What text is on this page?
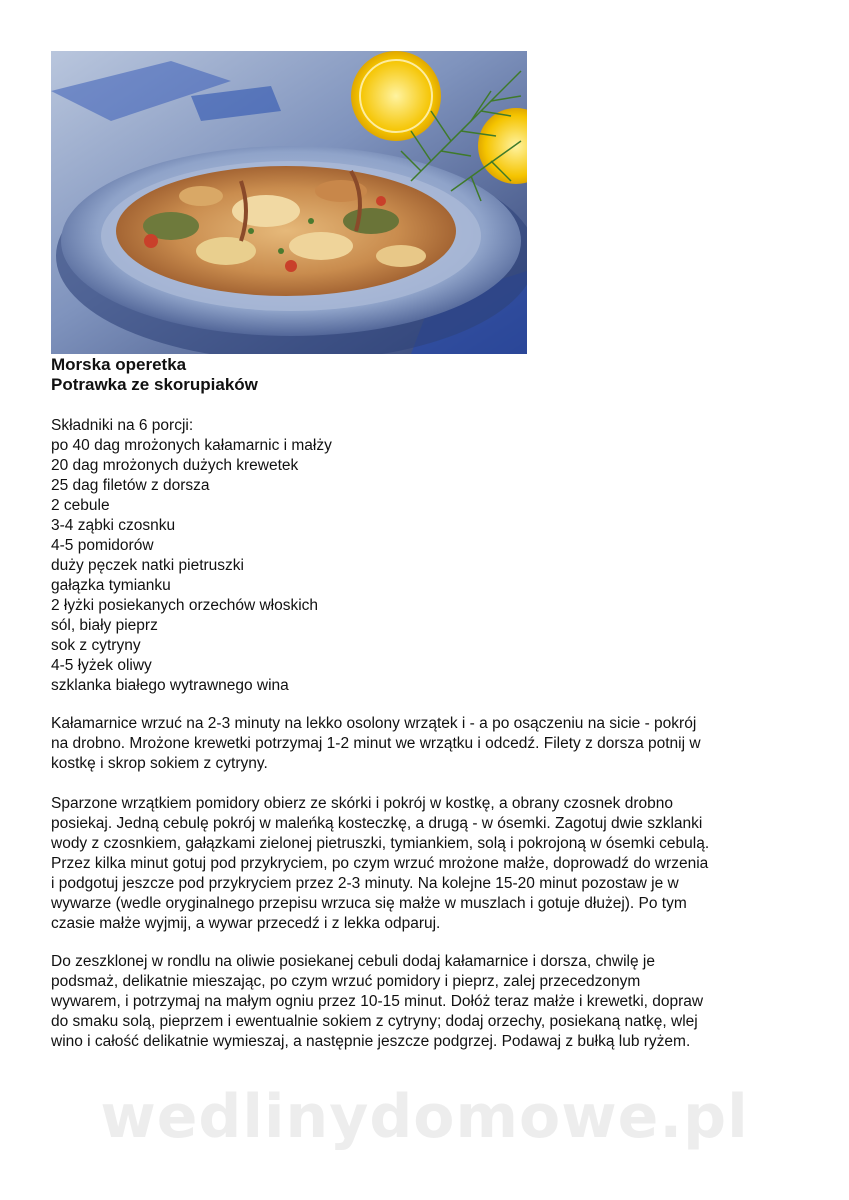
Morska operetka
Potrawka ze skorupiaków
Składniki na 6 porcji:
po 40 dag mrożonych kałamarnic i małży
20 dag mrożonych dużych krewetek
25 dag filetów z dorsza
2 cebule
3-4 ząbki czosnku
4-5 pomidorów
duży pęczek natki pietruszki
gałązka tymianku
2 łyżki posiekanych orzechów włoskich
sól, biały pieprz
sok z cytryny
4-5 łyżek oliwy
szklanka białego wytrawnego wina
Kałamarnice wrzuć na 2-3 minuty na lekko osolony wrzątek i - a po osączeniu na sicie - pokrój
na drobno. Mrożone krewetki potrzymaj 1-2 minut we wrzątku i odcedź. Filety z dorsza potnij w
kostkę i skrop sokiem z cytryny.
Sparzone wrzątkiem pomidory obierz ze skórki i pokrój w kostkę, a obrany czosnek drobno
posiekaj. Jedną cebulę pokrój w maleńką kosteczkę, a drugą - w ósemki. Zagotuj dwie szklanki
wody z czosnkiem, gałązkami zielonej pietruszki, tymiankiem, solą i pokrojoną w ósemki cebulą.
Przez kilka minut gotuj pod przykryciem, po czym wrzuć mrożone małże, doprowadź do wrzenia
i podgotuj jeszcze pod przykryciem przez 2-3 minuty. Na kolejne 15-20 minut pozostaw je w
wywarze (wedle oryginalnego przepisu wrzuca się małże w muszlach i gotuje dłużej). Po tym
czasie małże wyjmij, a wywar przecedź i z lekka odparuj.
Do zeszklonej w rondlu na oliwie posiekanej cebuli dodaj kałamarnice i dorsza, chwilę je
podsmaż, delikatnie mieszając, po czym wrzuć pomidory i pieprz, zalej przecedzonym
wywarem, i potrzymaj na małym ogniu przez 10-15 minut. Dołóż teraz małże i krewetki, dopraw
do smaku solą, pieprzem i ewentualnie sokiem z cytryny; dodaj orzechy, posiekaną natkę, wlej
wino i całość delikatnie wymieszaj, a następnie jeszcze podgrzej. Podawaj z bułką lub ryżem.
wedlinydomowe.pl
